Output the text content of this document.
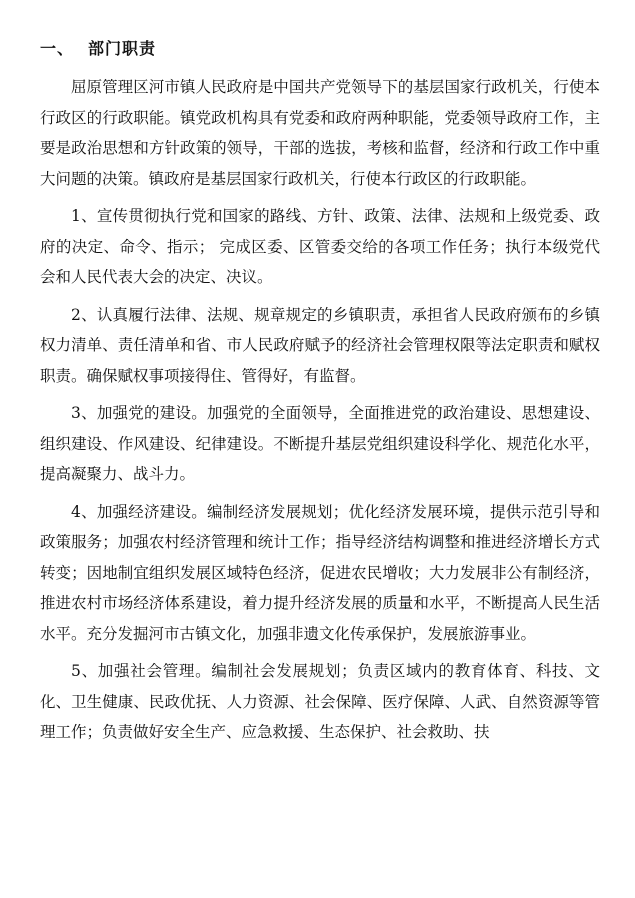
一、 部门职责

屈原管理区河市镇人民政府是中国共产党领导下的基层国家行政机关，行使本行政区的行政职能。镇党政机构具有党委和政府两种职能，党委领导政府工作，主要是政治思想和方针政策的领导，干部的选拔，考核和监督，经济和行政工作中重大问题的决策。镇政府是基层国家行政机关，行使本行政区的行政职能。

1、宣传贯彻执行党和国家的路线、方针、政策、法律、法规和上级党委、政府的决定、命令、指示； 完成区委、区管委交给的各项工作任务；执行本级党代会和人民代表大会的决定、决议。

2、认真履行法律、法规、规章规定的乡镇职责，承担省人民政府颁布的乡镇权力清单、责任清单和省、市人民政府赋予的经济社会管理权限等法定职责和赋权职责。确保赋权事项接得住、管得好，有监督。

3、加强党的建设。加强党的全面领导，全面推进党的政治建设、思想建设、组织建设、作风建设、纪律建设。不断提升基层党组织建设科学化、规范化水平，提高凝聚力、战斗力。

4、加强经济建设。编制经济发展规划；优化经济发展环境，提供示范引导和政策服务；加强农村经济管理和统计工作；指导经济结构调整和推进经济增长方式转变；因地制宜组织发展区域特色经济，促进农民增收；大力发展非公有制经济，推进农村市场经济体系建设，着力提升经济发展的质量和水平，不断提高人民生活水平。充分发掘河市古镇文化，加强非遗文化传承保护，发展旅游事业。

5、加强社会管理。编制社会发展规划；负责区域内的教育体育、科技、文化、卫生健康、民政优抚、人力资源、社会保障、医疗保障、人武、自然资源等管理工作；负责做好安全生产、应急救援、生态保护、社会救助、扶
